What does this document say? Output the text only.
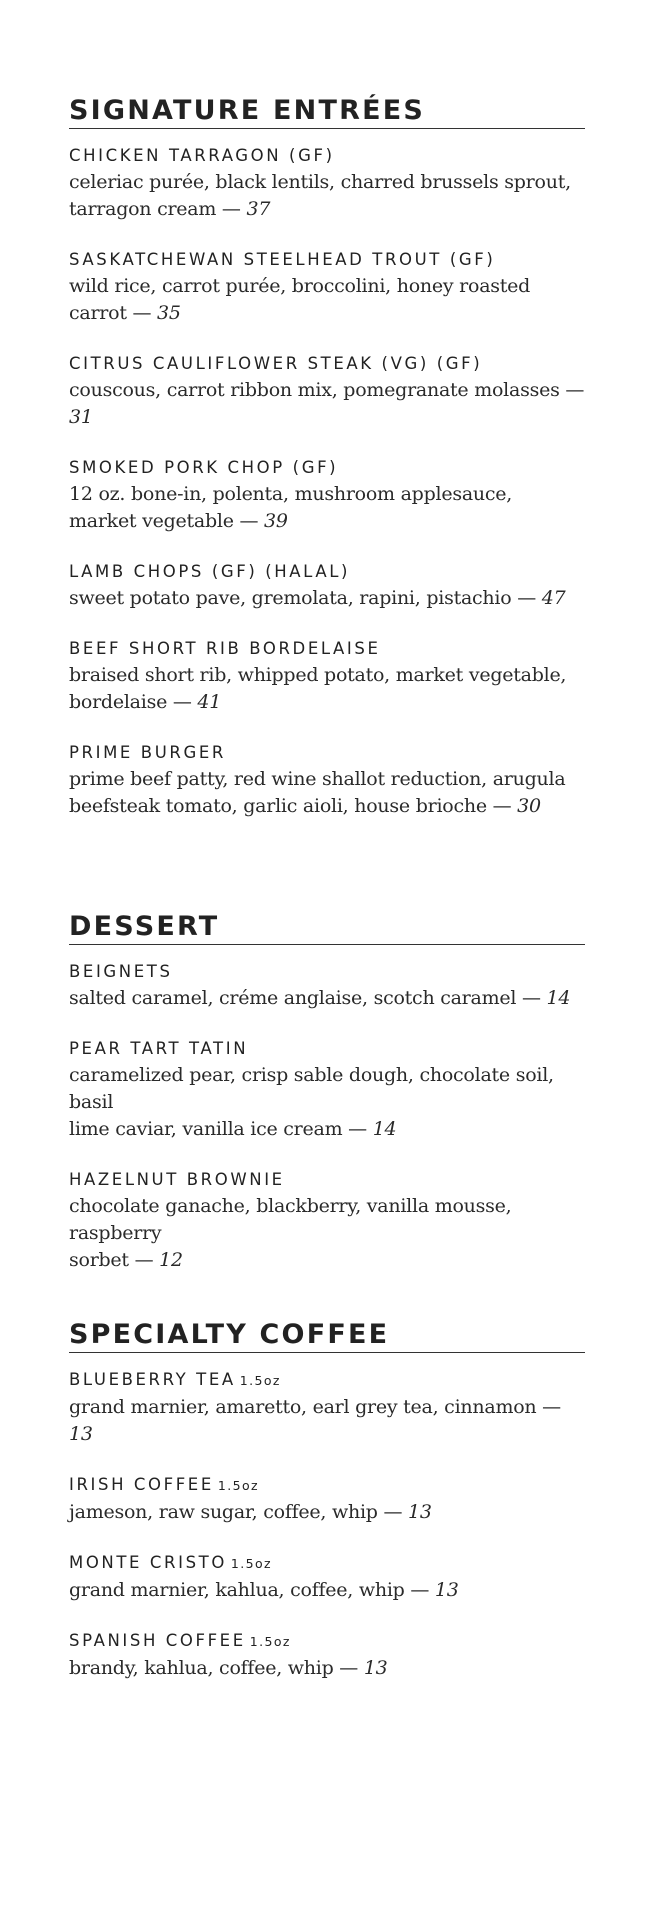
SIGNATURE ENTRÉES
CHICKEN TARRAGON (GF)
celeriac purée, black lentils, charred brussels sprout,
tarragon cream — 37
SASKATCHEWAN STEELHEAD TROUT (GF)
wild rice, carrot purée, broccolini, honey roasted
carrot — 35
CITRUS CAULIFLOWER STEAK (VG) (GF)
couscous, carrot ribbon mix, pomegranate molasses — 31
SMOKED PORK CHOP (GF)
12 oz. bone-in, polenta, mushroom applesauce,
market vegetable — 39
LAMB CHOPS (GF) (HALAL)
sweet potato pave, gremolata, rapini, pistachio — 47
BEEF SHORT RIB BORDELAISE
braised short rib, whipped potato, market vegetable,
bordelaise — 41
PRIME BURGER
prime beef patty, red wine shallot reduction, arugula
beefsteak tomato, garlic aioli, house brioche — 30
DESSERT
BEIGNETS
salted caramel, créme anglaise, scotch caramel — 14
PEAR TART TATIN
caramelized pear, crisp sable dough, chocolate soil, basil
lime caviar, vanilla ice cream — 14
HAZELNUT BROWNIE
chocolate ganache, blackberry, vanilla mousse, raspberry
sorbet — 12
SPECIALTY COFFEE
BLUEBERRY TEA 1.5oz
grand marnier, amaretto, earl grey tea, cinnamon — 13
IRISH COFFEE 1.5oz
jameson, raw sugar, coffee, whip — 13
MONTE CRISTO 1.5oz
grand marnier, kahlua, coffee, whip — 13
SPANISH COFFEE 1.5oz
brandy, kahlua, coffee, whip — 13
